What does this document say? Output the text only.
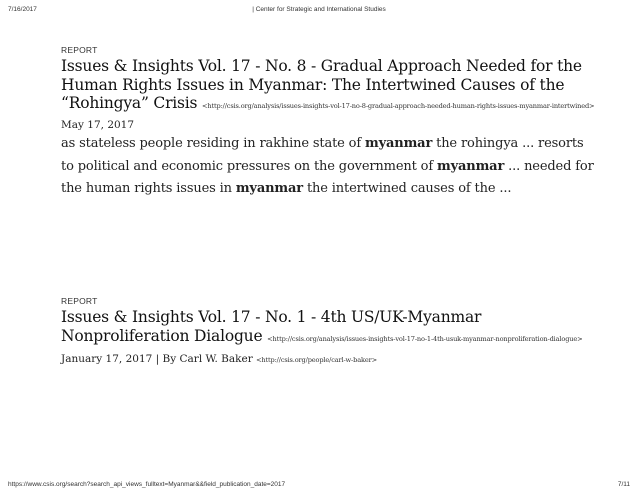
7/16/2017	| Center for Strategic and International Studies
REPORT
Issues & Insights Vol. 17 - No. 8 - Gradual Approach Needed for the Human Rights Issues in Myanmar: The Intertwined Causes of the “Rohingya” Crisis <http://csis.org/analysis/issues-insights-vol-17-no-8-gradual-approach-needed-human-rights-issues-myanmar-intertwined>
May 17, 2017
as stateless people residing in rakhine state of myanmar the rohingya ... resorts to political and economic pressures on the government of myanmar ... needed for the human rights issues in myanmar the intertwined causes of the ...
REPORT
Issues & Insights Vol. 17 - No. 1 - 4th US/UK-Myanmar Nonproliferation Dialogue <http://csis.org/analysis/issues-insights-vol-17-no-1-4th-usuk-myanmar-nonproliferation-dialogue>
January 17, 2017 | By Carl W. Baker <http://csis.org/people/carl-w-baker>
https://www.csis.org/search?search_api_views_fulltext=Myanmar&&field_publication_date=2017	7/11
